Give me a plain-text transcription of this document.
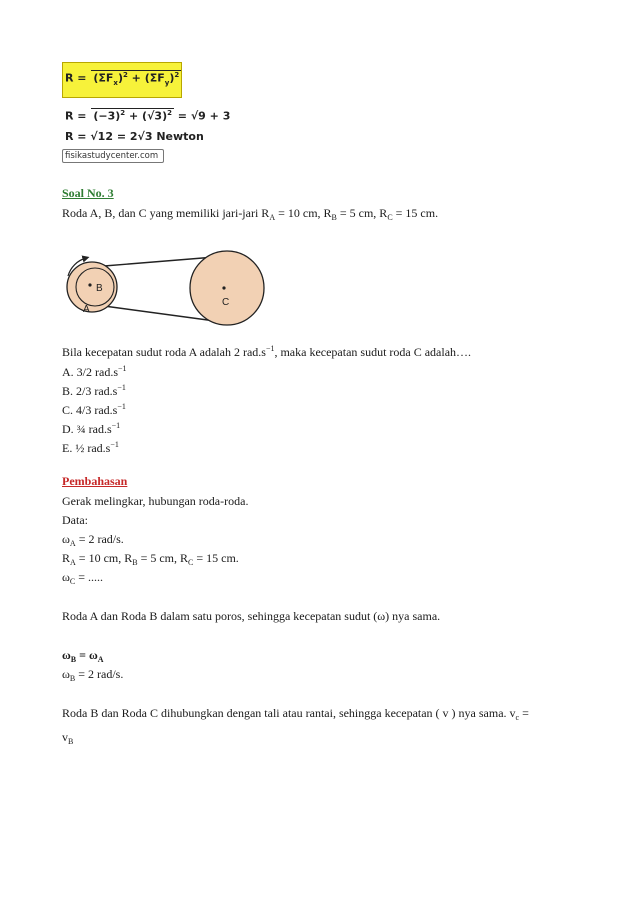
$R = (\Sigma F_x)^2 + (\Sigma F_y)^2$
$R = (-3)^2 + (√3)^2 = √9 + 3$
R = √12 = 2√3 Newton
fisikastudycenter.com
Soal No. 3
Roda A, B, dan C yang memiliki jari-jari $R_A = 10$ cm, $R_B = 5$ cm, $R_C = 15$ cm.
B
A
C
Bila kecepatan sudut roda A adalah 2 $rad.s^{-1}$, maka kecepatan sudut roda C adalah….
A. 3/2 $rad.s^{-1}$
B. 2/3 $rad.s^{-1}$
C. 4/3 $rad.s^{-1}$
D. ¾ $rad.s^{-1}$
E. ½ $rad.s^{-1}$
Pembahasan
Gerak melingkar, hubungan roda-roda.
Data:
$\omega_A = 2$ rad/s.
$R_A = 10$ cm, $R_B = 5$ cm, $R_C = 15$ cm.
$\omega_C$ = .....
Roda A dan Roda B dalam satu poros, sehingga kecepatan sudut (ω) nya sama.
$\omega_B = \omega_A$
$\omega_B = 2$ rad/s.
Roda B dan Roda C dihubungkan dengan tali atau rantai, sehingga kecepatan ( v ) nya sama. $v_c$ =
$v_B$
